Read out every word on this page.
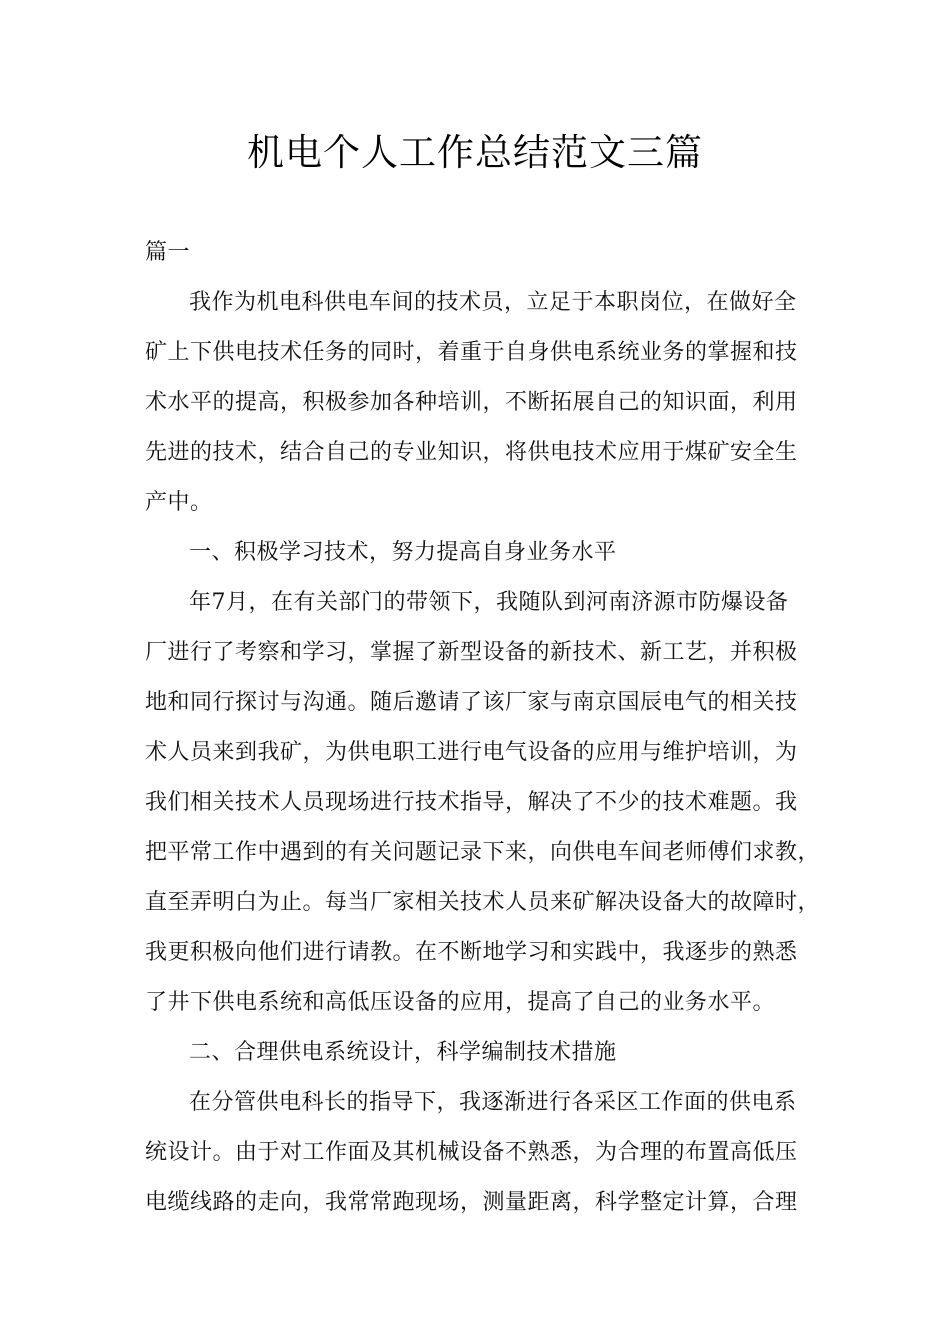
机电个人工作总结范文三篇
篇一
我作为机电科供电车间的技术员，立足于本职岗位，在做好全
矿上下供电技术任务的同时，着重于自身供电系统业务的掌握和技
术水平的提高，积极参加各种培训，不断拓展自己的知识面，利用
先进的技术，结合自己的专业知识，将供电技术应用于煤矿安全生
产中。
一、积极学习技术，努力提高自身业务水平
年7月，在有关部门的带领下，我随队到河南济源市防爆设备
厂进行了考察和学习，掌握了新型设备的新技术、新工艺，并积极
地和同行探讨与沟通。随后邀请了该厂家与南京国辰电气的相关技
术人员来到我矿，为供电职工进行电气设备的应用与维护培训，为
我们相关技术人员现场进行技术指导，解决了不少的技术难题。我
把平常工作中遇到的有关问题记录下来，向供电车间老师傅们求教，
直至弄明白为止。每当厂家相关技术人员来矿解决设备大的故障时，
我更积极向他们进行请教。在不断地学习和实践中，我逐步的熟悉
了井下供电系统和高低压设备的应用，提高了自己的业务水平。
二、合理供电系统设计，科学编制技术措施
在分管供电科长的指导下，我逐渐进行各采区工作面的供电系
统设计。由于对工作面及其机械设备不熟悉，为合理的布置高低压
电缆线路的走向，我常常跑现场，测量距离，科学整定计算，合理
